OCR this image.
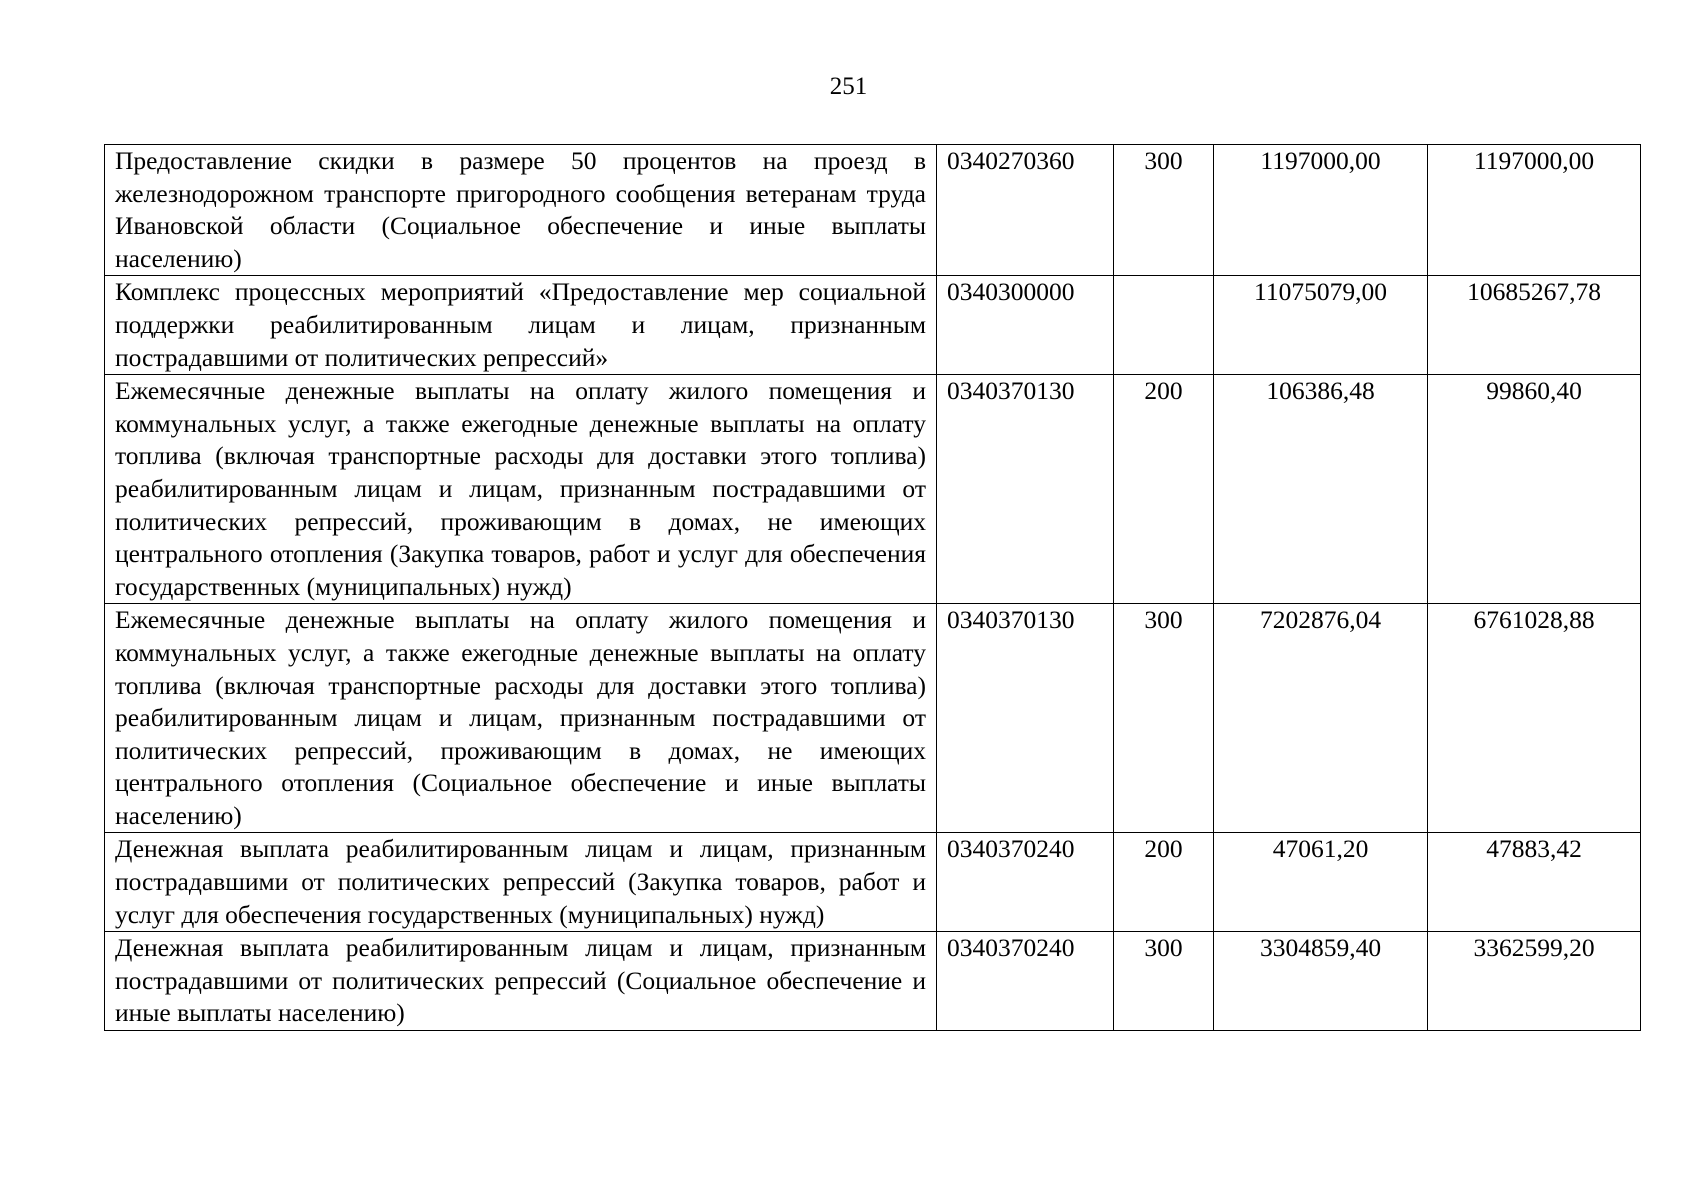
251
Предоставление скидки в размере 50 процентов на проезд в железнодорожном транспорте пригородного сообщения ветеранам труда Ивановской области (Социальное обеспечение и иные выплаты населению)	0340270360	300	1197000,00	1197000,00
Комплекс процессных мероприятий «Предоставление мер социальной поддержки реабилитированным лицам и лицам, признанным пострадавшими от политических репрессий»	0340300000		11075079,00	10685267,78
Ежемесячные денежные выплаты на оплату жилого помещения и коммунальных услуг, а также ежегодные денежные выплаты на оплату топлива (включая транспортные расходы для доставки этого топлива) реабилитированным лицам и лицам, признанным пострадавшими от политических репрессий, проживающим в домах, не имеющих центрального отопления (Закупка товаров, работ и услуг для обеспечения государственных (муниципальных) нужд)	0340370130	200	106386,48	99860,40
Ежемесячные денежные выплаты на оплату жилого помещения и коммунальных услуг, а также ежегодные денежные выплаты на оплату топлива (включая транспортные расходы для доставки этого топлива) реабилитированным лицам и лицам, признанным пострадавшими от политических репрессий, проживающим в домах, не имеющих центрального отопления (Социальное обеспечение и иные выплаты населению)	0340370130	300	7202876,04	6761028,88
Денежная выплата реабилитированным лицам и лицам, признанным пострадавшими от политических репрессий (Закупка товаров, работ и услуг для обеспечения государственных (муниципальных) нужд)	0340370240	200	47061,20	47883,42
Денежная выплата реабилитированным лицам и лицам, признанным пострадавшими от политических репрессий (Социальное обеспечение и иные выплаты населению)	0340370240	300	3304859,40	3362599,20
